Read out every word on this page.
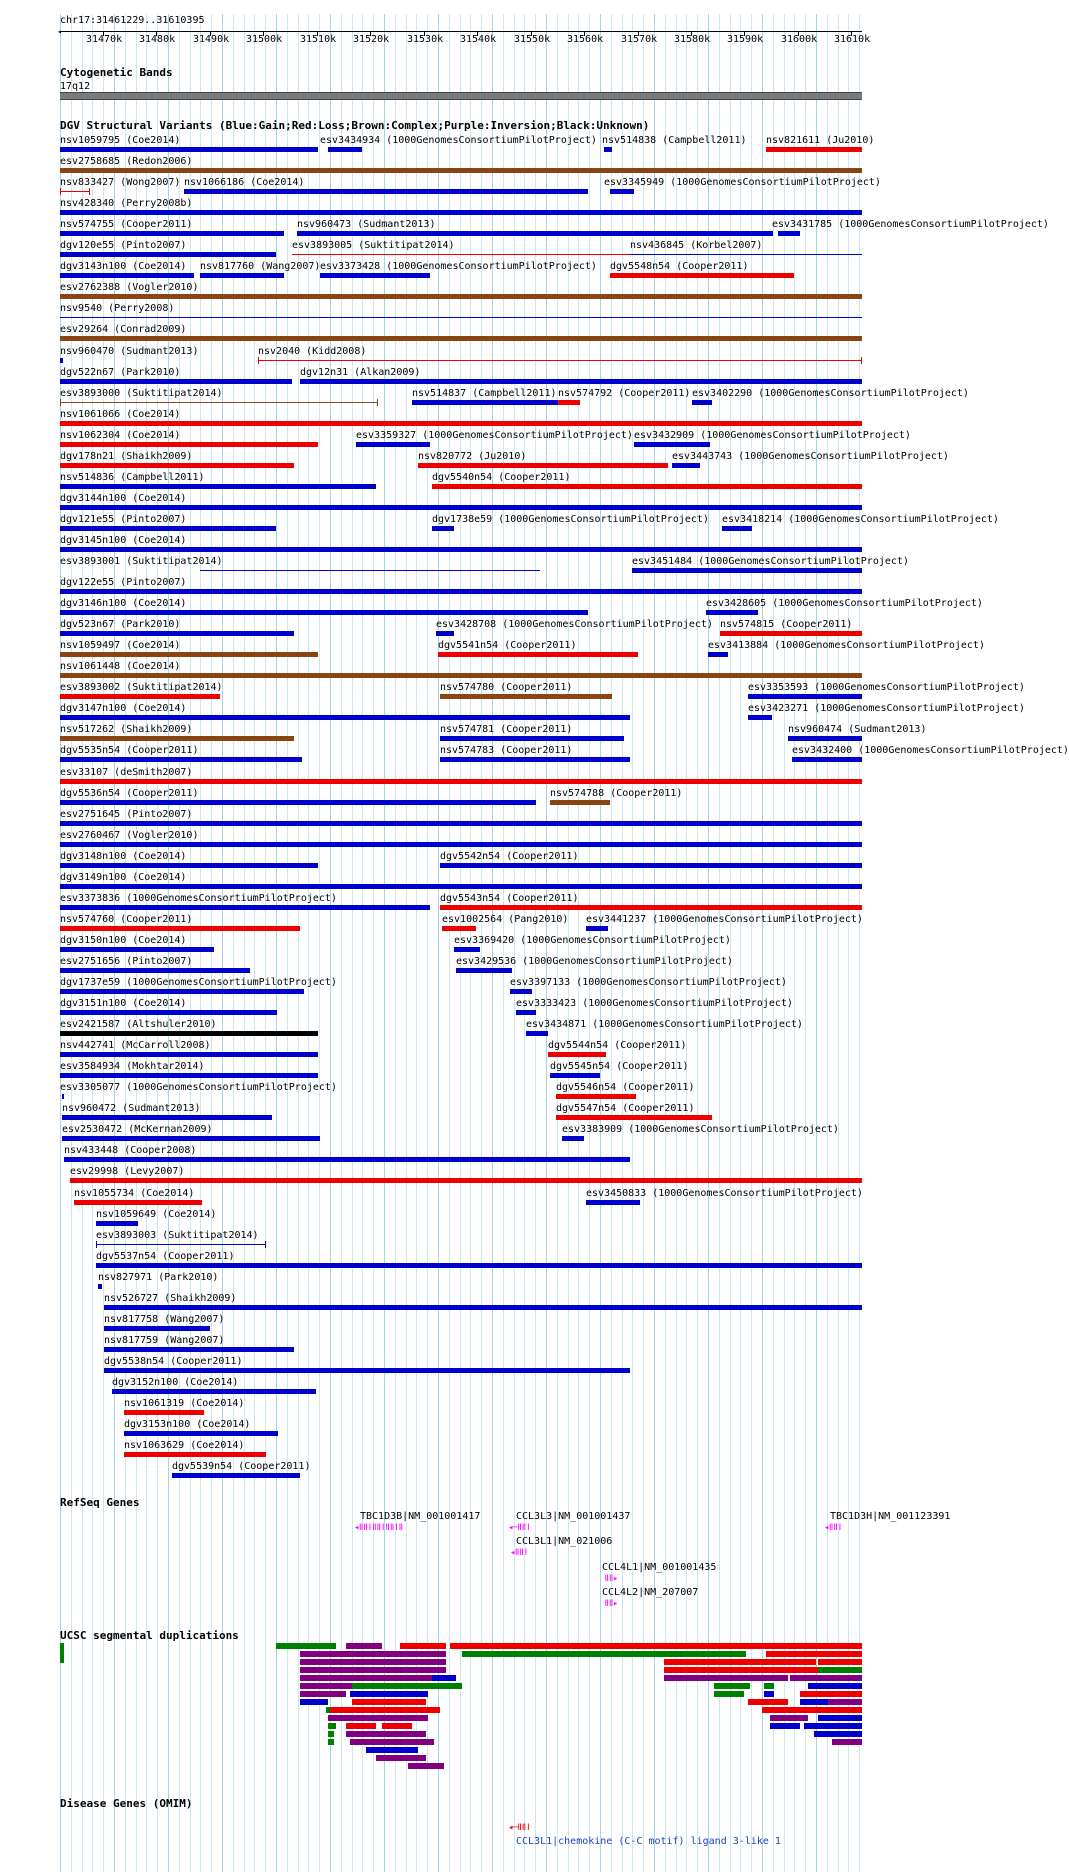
chr17:31461229..31610395
◂
31470k 31480k 31490k 31500k 31510k 31520k 31530k 31540k 31550k 31560k 31570k 31580k 31590k 31600k 31610k
Cytogenetic Bands
17q12
DGV Structural Variants (Blue:Gain;Red:Loss;Brown:Complex;Purple:Inversion;Black:Unknown)
nsv1059795 (Coe2014)	esv3434934 (1000GenomesConsortiumPilotProject) nsv514838 (Campbell2011) nsv821611 (Ju2010)
esv2758685 (Redon2006)
nsv833427 (Wong2007) nsv1066186 (Coe2014)	esv3345949 (1000GenomesConsortiumPilotProject)
nsv428340 (Perry2008b)
nsv574755 (Cooper2011)	nsv960473 (Sudmant2013)	esv3431785 (1000GenomesConsortiumPilotProject)
dgv120e55 (Pinto2007)	esv3893005 (Suktitipat2014)	nsv436845 (Korbel2007)
dgv3143n100 (Coe2014) nsv817760 (Wang2007) esv3373428 (1000GenomesConsortiumPilotProject) dgv5548n54 (Cooper2011)
esv2762388 (Vogler2010)
nsv9540 (Perry2008)
esv29264 (Conrad2009)
nsv960470 (Sudmant2013)	nsv2040 (Kidd2008)
dgv522n67 (Park2010)	dgv12n31 (Alkan2009)
esv3893000 (Suktitipat2014)	nsv514837 (Campbell2011) nsv574792 (Cooper2011) esv3402290 (1000GenomesConsortiumPilotProject)
nsv1061066 (Coe2014)
nsv1062304 (Coe2014)	esv3359327 (1000GenomesConsortiumPilotProject) esv3432909 (1000GenomesConsortiumPilotProject)
dgv178n21 (Shaikh2009)	nsv820772 (Ju2010)	esv3443743 (1000GenomesConsortiumPilotProject)
nsv514836 (Campbell2011)	dgv5540n54 (Cooper2011)
dgv3144n100 (Coe2014)
dgv121e55 (Pinto2007)	dgv1738e59 (1000GenomesConsortiumPilotProject) esv3418214 (1000GenomesConsortiumPilotProject)
dgv3145n100 (Coe2014)
esv3893001 (Suktitipat2014)	esv3451484 (1000GenomesConsortiumPilotProject)
dgv122e55 (Pinto2007)
dgv3146n100 (Coe2014)	esv3428605 (1000GenomesConsortiumPilotProject)
dgv523n67 (Park2010)	esv3428708 (1000GenomesConsortiumPilotProject) nsv574815 (Cooper2011)
nsv1059497 (Coe2014)	dgv5541n54 (Cooper2011)	esv3413884 (1000GenomesConsortiumPilotProject)
nsv1061448 (Coe2014)
esv3893002 (Suktitipat2014)	nsv574780 (Cooper2011)	esv3353593 (1000GenomesConsortiumPilotProject)
dgv3147n100 (Coe2014)	esv3423271 (1000GenomesConsortiumPilotProject)
nsv517262 (Shaikh2009)	nsv574781 (Cooper2011)	nsv960474 (Sudmant2013)
dgv5535n54 (Cooper2011)	nsv574783 (Cooper2011)	esv3432400 (1000GenomesConsortiumPilotProject)
esv33107 (deSmith2007)
dgv5536n54 (Cooper2011)	nsv574788 (Cooper2011)
esv2751645 (Pinto2007)
esv2760467 (Vogler2010)
dgv3148n100 (Coe2014)	dgv5542n54 (Cooper2011)
dgv3149n100 (Coe2014)
esv3373836 (1000GenomesConsortiumPilotProject)	dgv5543n54 (Cooper2011)
nsv574760 (Cooper2011)	esv1002564 (Pang2010) esv3441237 (1000GenomesConsortiumPilotProject)
dgv3150n100 (Coe2014)	esv3369420 (1000GenomesConsortiumPilotProject)
esv2751656 (Pinto2007)	esv3429536 (1000GenomesConsortiumPilotProject)
dgv1737e59 (1000GenomesConsortiumPilotProject)	esv3397133 (1000GenomesConsortiumPilotProject)
dgv3151n100 (Coe2014)	esv3333423 (1000GenomesConsortiumPilotProject)
esv2421587 (Altshuler2010)	esv3434871 (1000GenomesConsortiumPilotProject)
nsv442741 (McCarroll2008)	dgv5544n54 (Cooper2011)
esv3584934 (Mokhtar2014)	dgv5545n54 (Cooper2011)
esv3305077 (1000GenomesConsortiumPilotProject)	dgv5546n54 (Cooper2011)
nsv960472 (Sudmant2013)	dgv5547n54 (Cooper2011)
esv2530472 (McKernan2009)	esv3383909 (1000GenomesConsortiumPilotProject)
nsv433448 (Cooper2008)
esv29998 (Levy2007)
nsv1055734 (Coe2014)	esv3450833 (1000GenomesConsortiumPilotProject)
nsv1059649 (Coe2014)
esv3893003 (Suktitipat2014)
dgv5537n54 (Cooper2011)
nsv827971 (Park2010)
nsv526727 (Shaikh2009)
nsv817758 (Wang2007)
nsv817759 (Wang2007)
dgv5538n54 (Cooper2011)
dgv3152n100 (Coe2014)
nsv1061319 (Coe2014)
dgv3153n100 (Coe2014)
nsv1063629 (Coe2014)
dgv5539n54 (Cooper2011)
RefSeq Genes
TBC1D3B|NM_001001417
◂ǁǁǀǁǁǀǁǁǀǁ
CCL3L3|NM_001001437
◂─ǁǁǀ
CCL3L1|NM_021006
◂ǁǁǀ
CCL4L1|NM_001001435
ǁǁ▸
CCL4L2|NM_207007
ǁǁ▸
TBC1D3H|NM_001123391
◂ǁǁǀ
UCSC segmental duplications
Disease Genes (OMIM)
◂─ǁǁǀ
CCL3L1|chemokine (C-C motif) ligand 3-like 1
